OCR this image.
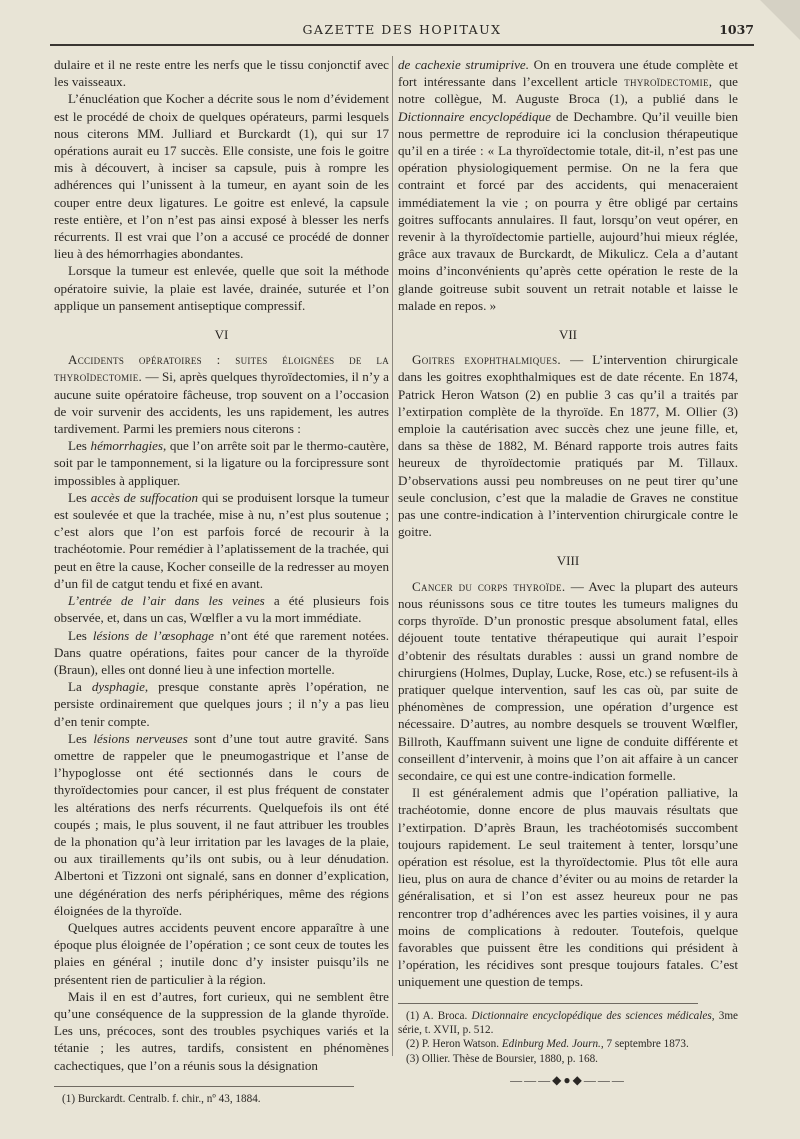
GAZETTE DES HOPITAUX	1037

dulaire et il ne reste entre les nerfs que le tissu conjonctif avec les vaisseaux.

L’énucléation que Kocher a décrite sous le nom d’évidement est le procédé de choix de quelques opérateurs, parmi lesquels nous citerons MM. Julliard et Burckardt (1), qui sur 17 opérations aurait eu 17 succès. Elle consiste, une fois le goitre mis à découvert, à inciser sa capsule, puis à rompre les adhérences qui l’unissent à la tumeur, en ayant soin de les couper entre deux ligatures. Le goitre est enlevé, la capsule reste entière, et l’on n’est pas ainsi exposé à blesser les nerfs récurrents. Il est vrai que l’on a accusé ce procédé de donner lieu à des hémorrhagies abondantes.

Lorsque la tumeur est enlevée, quelle que soit la méthode opératoire suivie, la plaie est lavée, drainée, suturée et l’on applique un pansement antiseptique compressif.

VI

Accidents opératoires : suites éloignées de la thyroïdectomie. — Si, après quelques thyroïdectomies, il n’y a aucune suite opératoire fâcheuse, trop souvent on a l’occasion de voir survenir des accidents, les uns rapidement, les autres tardivement. Parmi les premiers nous citerons :

Les hémorrhagies, que l’on arrête soit par le thermo-cautère, soit par le tamponnement, si la ligature ou la forcipressure sont impossibles à appliquer.

Les accès de suffocation qui se produisent lorsque la tumeur est soulevée et que la trachée, mise à nu, n’est plus soutenue ; c’est alors que l’on est parfois forcé de recourir à la trachéotomie. Pour remédier à l’aplatissement de la trachée, qui peut en être la cause, Kocher conseille de la redresser au moyen d’un fil de catgut tendu et fixé en avant.

L’entrée de l’air dans les veines a été plusieurs fois observée, et, dans un cas, Wœlfler a vu la mort immédiate.

Les lésions de l’œsophage n’ont été que rarement notées. Dans quatre opérations, faites pour cancer de la thyroïde (Braun), elles ont donné lieu à une infection mortelle.

La dysphagie, presque constante après l’opération, ne persiste ordinairement que quelques jours ; il n’y a pas lieu d’en tenir compte.

Les lésions nerveuses sont d’une tout autre gravité. Sans omettre de rappeler que le pneumogastrique et l’anse de l’hypoglosse ont été sectionnés dans le cours de thyroïdectomies pour cancer, il est plus fréquent de constater les altérations des nerfs récurrents. Quelquefois ils ont été coupés ; mais, le plus souvent, il ne faut attribuer les troubles de la phonation qu’à leur irritation par les lavages de la plaie, ou aux tiraillements qu’ils ont subis, ou à leur dénudation. Albertoni et Tizzoni ont signalé, sans en donner d’explication, une dégénération des nerfs périphériques, même des régions éloignées de la thyroïde.

Quelques autres accidents peuvent encore apparaître à une époque plus éloignée de l’opération ; ce sont ceux de toutes les plaies en général ; inutile donc d’y insister puisqu’ils ne présentent rien de particulier à la région.

Mais il en est d’autres, fort curieux, qui ne semblent être qu’une conséquence de la suppression de la glande thyroïde. Les uns, précoces, sont des troubles psychiques variés et la tétanie ; les autres, tardifs, consistent en phénomènes cachectiques, que l’on a réunis sous la désignation

(1) Burckardt. Centralb. f. chir., nº 43, 1884.

de cachexie strumiprive. On en trouvera une étude complète et fort intéressante dans l’excellent article thyroïdectomie, que notre collègue, M. Auguste Broca (1), a publié dans le Dictionnaire encyclopédique de Dechambre. Qu’il veuille bien nous permettre de reproduire ici la conclusion thérapeutique qu’il en a tirée : « La thyroïdectomie totale, dit-il, n’est pas une opération physiologiquement permise. On ne la fera que contraint et forcé par des accidents, qui menaceraient immédiatement la vie ; on pourra y être obligé par certains goitres suffocants annulaires. Il faut, lorsqu’on veut opérer, en revenir à la thyroïdectomie partielle, aujourd’hui mieux réglée, grâce aux travaux de Burckardt, de Mikulicz. Cela a d’autant moins d’inconvénients qu’après cette opération le reste de la glande goitreuse subit souvent un retrait notable et laisse le malade en repos. »

VII

Goitres exophthalmiques. — L’intervention chirurgicale dans les goitres exophthalmiques est de date récente. En 1874, Patrick Heron Watson (2) en publie 3 cas qu’il a traités par l’extirpation complète de la thyroïde. En 1877, M. Ollier (3) emploie la cautérisation avec succès chez une jeune fille, et, dans sa thèse de 1882, M. Bénard rapporte trois autres faits heureux de thyroïdectomie pratiqués par M. Tillaux. D’observations aussi peu nombreuses on ne peut tirer qu’une seule conclusion, c’est que la maladie de Graves ne constitue pas une contre-indication à l’intervention chirurgicale contre le goitre.

VIII

Cancer du corps thyroïde. — Avec la plupart des auteurs nous réunissons sous ce titre toutes les tumeurs malignes du corps thyroïde. D’un pronostic presque absolument fatal, elles déjouent toute tentative thérapeutique qui aurait l’espoir d’obtenir des résultats durables : aussi un grand nombre de chirurgiens (Holmes, Duplay, Lucke, Rose, etc.) se refusent-ils à pratiquer quelque intervention, sauf les cas où, par suite de phénomènes de compression, une opération d’urgence est nécessaire. D’autres, au nombre desquels se trouvent Wœlfler, Billroth, Kauffmann suivent une ligne de conduite différente et conseillent d’intervenir, à moins que l’on ait affaire à un cancer secondaire, ce qui est une contre-indication formelle.

Il est généralement admis que l’opération palliative, la trachéotomie, donne encore de plus mauvais résultats que l’extirpation. D’après Braun, les trachéotomisés succombent toujours rapidement. Le seul traitement à tenter, lorsqu’une opération est résolue, est la thyroïdectomie. Plus tôt elle aura lieu, plus on aura de chance d’éviter ou au moins de retarder la généralisation, et si l’on est assez heureux pour ne pas rencontrer trop d’adhérences avec les parties voisines, il y aura moins de complications à redouter. Toutefois, quelque favorables que puissent être les conditions qui président à l’opération, les récidives sont presque toujours fatales. C’est uniquement une question de temps.

(1) A. Broca. Dictionnaire encyclopédique des sciences médicales, 3me série, t. XVII, p. 512.

(2) P. Heron Watson. Edinburg Med. Journ., 7 septembre 1873.

(3) Ollier. Thèse de Boursier, 1880, p. 168.

———◆●◆———
